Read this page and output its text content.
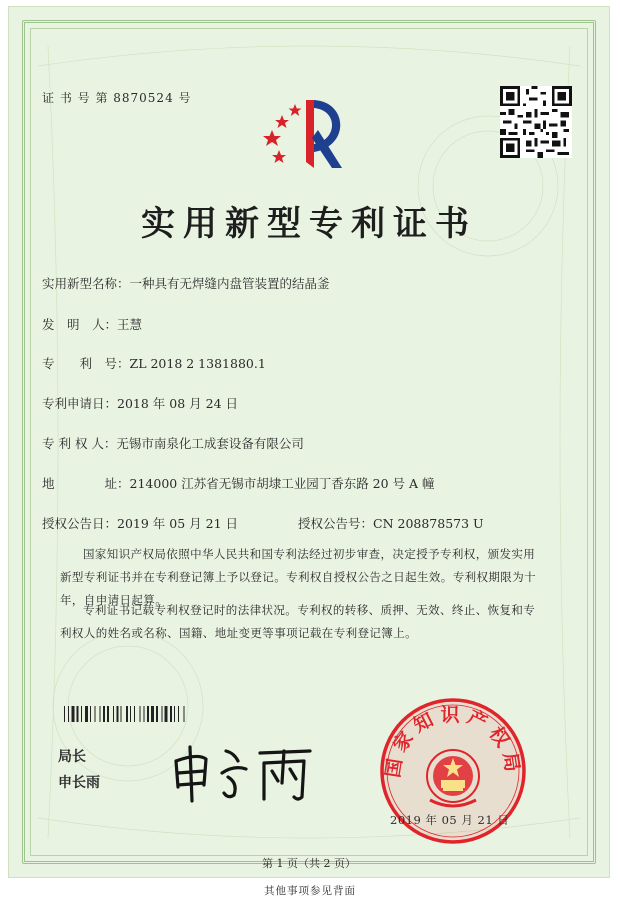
证 书 号 第 8870524 号
实用新型专利证书
实用新型名称：一种具有无焊缝内盘管装置的结晶釜
发　明　人：王慧
专　　利　号：ZL 2018 2 1381880.1
专利申请日：2018 年 08 月 24 日
专 利 权 人：无锡市南泉化工成套设备有限公司
地　　　　址：214000 江苏省无锡市胡埭工业园丁香东路 20 号 A 幢
授权公告日：2019 年 05 月 21 日	授权公告号：CN 208878573 U
国家知识产权局依照中华人民共和国专利法经过初步审查，决定授予专利权，颁发实用
新型专利证书并在专利登记簿上予以登记。专利权自授权公告之日起生效。专利权期限为十
年，自申请日起算。
专利证书记载专利权登记时的法律状况。专利权的转移、质押、无效、终止、恢复和专
利权人的姓名或名称、国籍、地址变更等事项记载在专利登记簿上。
局长
申长雨
国家知识产权局
2019 年 05 月 21 日
第 1 页（共 2 页）
其他事项参见背面
